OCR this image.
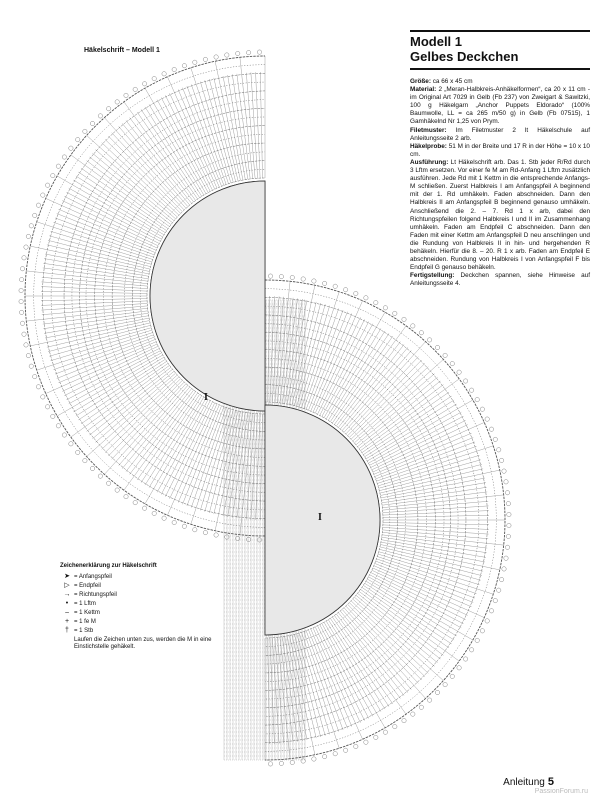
Häkelschrift – Modell 1
I
I
Modell 1
Gelbes Deckchen

Größe: ca 66 x 45 cm

Material: 2 „Meran-Halbkreis-Anhäkelformen“, ca 20 x 11 cm - im Original Art 7029 in Gelb (Fb 237) von Zweigart & Sawitzki, 100 g Häkelgarn „Anchor Puppets Eldorado“ (100% Baumwolle, LL = ca 265 m/50 g) in Gelb (Fb 07515), 1 Gamhäkelnd Nr 1,25 von Prym.

Filetmuster: Im Filetmuster 2 lt Häkelschule auf Anleitungsseite 2 arb.

Häkelprobe: 51 M in der Breite und 17 R in der Höhe = 10 x 10 cm.

Ausführung: Lt Häkelschrift arb. Das 1. Stb jeder R/Rd durch 3 Lftm ersetzen. Vor einer fe M am Rd-Anfang 1 Lftm zusätzlich ausführen. Jede Rd mit 1 Kettm in die entsprechende Anfangs-M schließen. Zuerst Halbkreis I am Anfangspfeil A beginnend mit der 1. Rd umhäkeln. Faden abschneiden. Dann den Halbkreis II am Anfangspfeil B beginnend genauso umhäkeln. Anschließend die 2. – 7. Rd 1 x arb, dabei den Richtungspfeilen folgend Halbkreis I und II im Zusammenhang umhäkeln. Faden am Endpfeil C abschneiden. Dann den Faden mit einer Kettm am Anfangspfeil D neu anschlingen und die Rundung von Halbkreis II in hin- und hergehenden R behäkeln. Hierfür die 8. – 20. R 1 x arb. Faden am Endpfeil E abschneiden. Rundung von Halbkreis I von Anfangspfeil F bis Endpfeil G genauso behäkeln.

Fertigstellung: Deckchen spannen, siehe Hinweise auf Anleitungsseite 4.

Zeichenerklärung zur Häkelschrift
➤ = Anfangspfeil
▷ = Endpfeil
→ = Richtungspfeil
• = 1 Lftm
⌢ = 1 Kettm
+ = 1 fe M
† = 1 Stb
Laufen die Zeichen unten zus, werden die M in eine Einstichstelle gehäkelt.
Anleitung 5
PassionForum.ru
